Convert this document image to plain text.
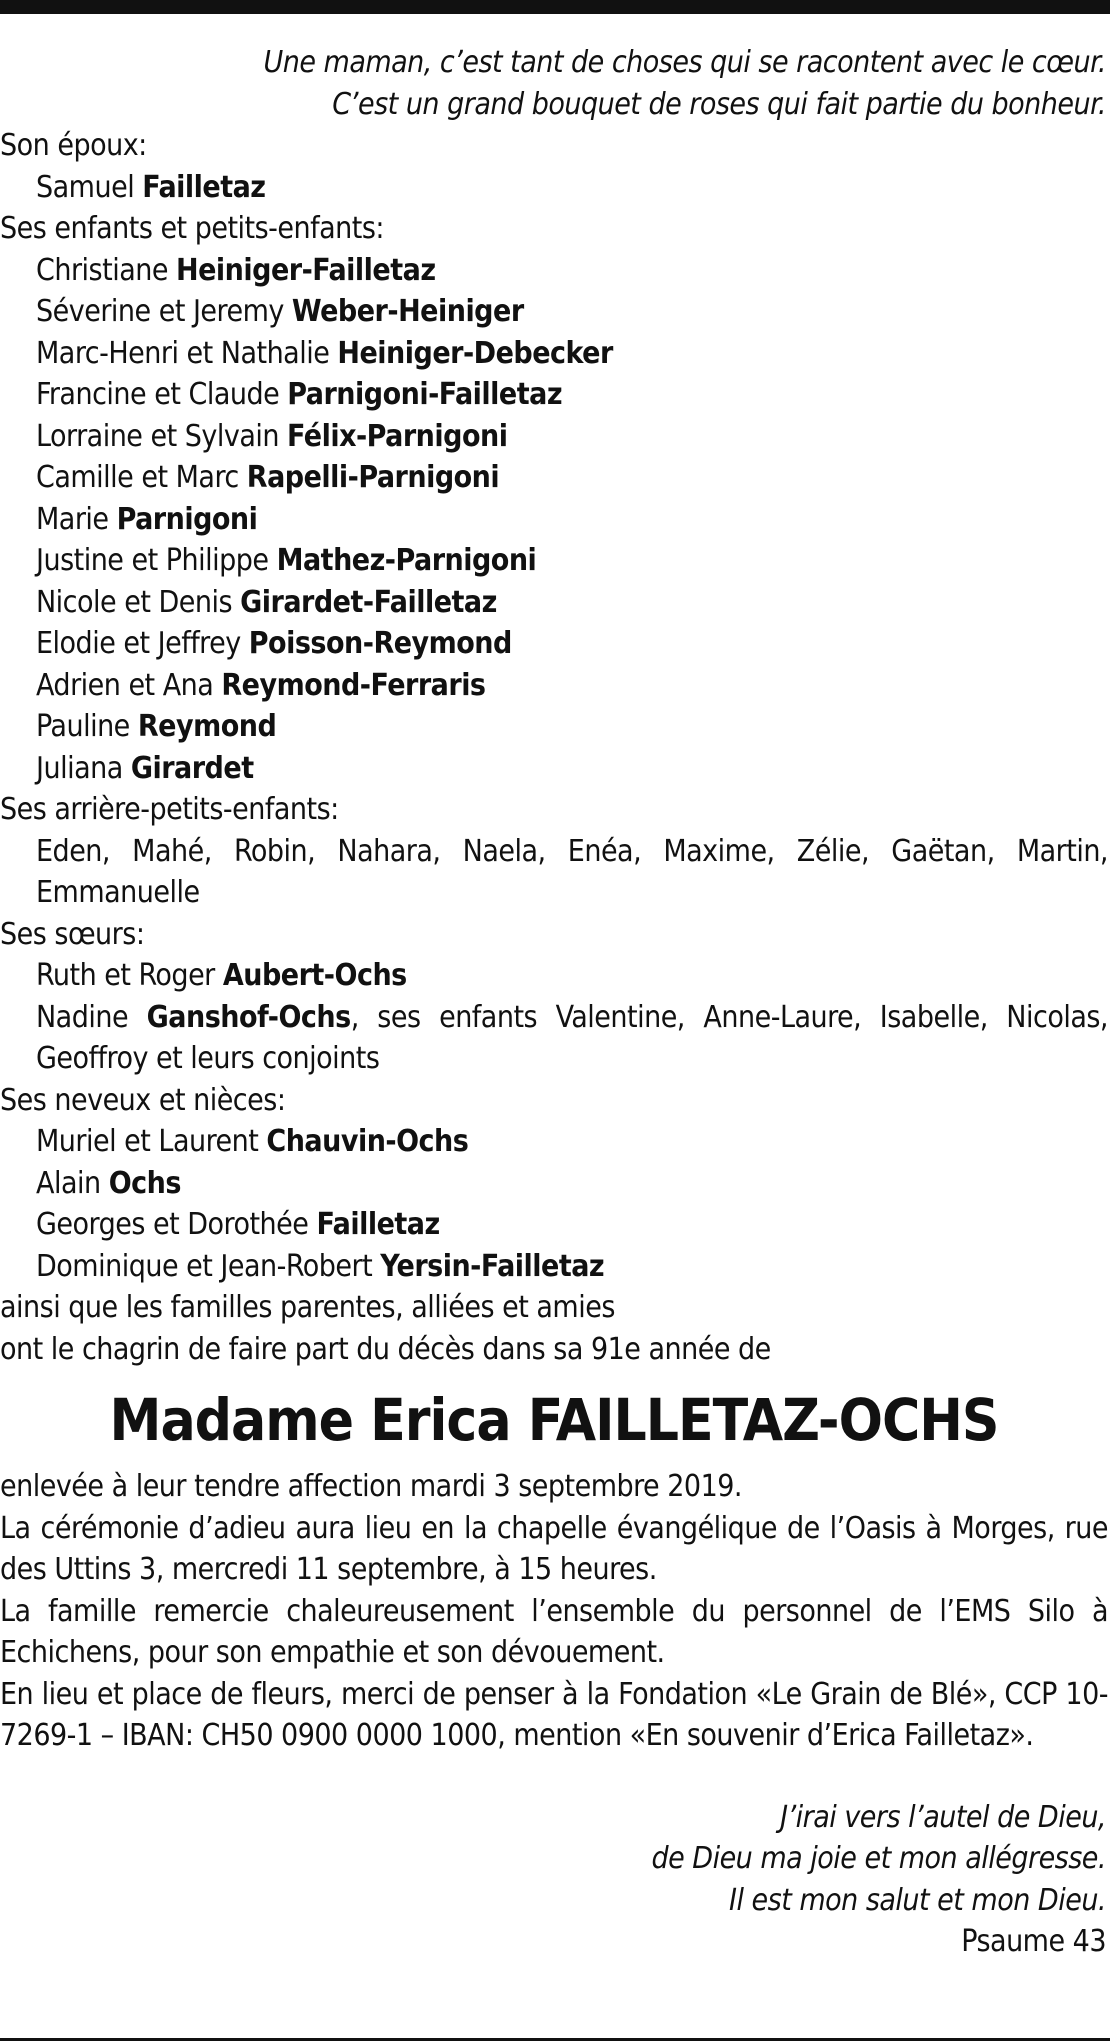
Une maman, c’est tant de choses qui se racontent avec le cœur.
C’est un grand bouquet de roses qui fait partie du bonheur.
Son époux:
Samuel Failletaz
Ses enfants et petits-enfants:
Christiane Heiniger-Failletaz
Séverine et Jeremy Weber-Heiniger
Marc-Henri et Nathalie Heiniger-Debecker
Francine et Claude Parnigoni-Failletaz
Lorraine et Sylvain Félix-Parnigoni
Camille et Marc Rapelli-Parnigoni
Marie Parnigoni
Justine et Philippe Mathez-Parnigoni
Nicole et Denis Girardet-Failletaz
Elodie et Jeffrey Poisson-Reymond
Adrien et Ana Reymond-Ferraris
Pauline Reymond
Juliana Girardet
Ses arrière-petits-enfants:
Eden, Mahé, Robin, Nahara, Naela, Enéa, Maxime, Zélie, Gaëtan, Martin, Emmanuelle
Ses sœurs:
Ruth et Roger Aubert-Ochs
Nadine Ganshof-Ochs, ses enfants Valentine, Anne-Laure, Isabelle, Nicolas, Geoffroy et leurs conjoints
Ses neveux et nièces:
Muriel et Laurent Chauvin-Ochs
Alain Ochs
Georges et Dorothée Failletaz
Dominique et Jean-Robert Yersin-Failletaz
ainsi que les familles parentes, alliées et amies
ont le chagrin de faire part du décès dans sa 91e année de
Madame Erica FAILLETAZ-OCHS
enlevée à leur tendre affection mardi 3 septembre 2019.
La cérémonie d’adieu aura lieu en la chapelle évangélique de l’Oasis à Morges, rue des Uttins 3, mercredi 11 septembre, à 15 heures.
La famille remercie chaleureusement l’ensemble du personnel de l’EMS Silo à Echichens, pour son empathie et son dévouement.
En lieu et place de fleurs, merci de penser à la Fondation «Le Grain de Blé», CCP 10-7269-1 – IBAN: CH50 0900 0000 1000, mention «En souvenir d’Erica Failletaz».
J’irai vers l’autel de Dieu,
de Dieu ma joie et mon allégresse.
Il est mon salut et mon Dieu.
Psaume 43
